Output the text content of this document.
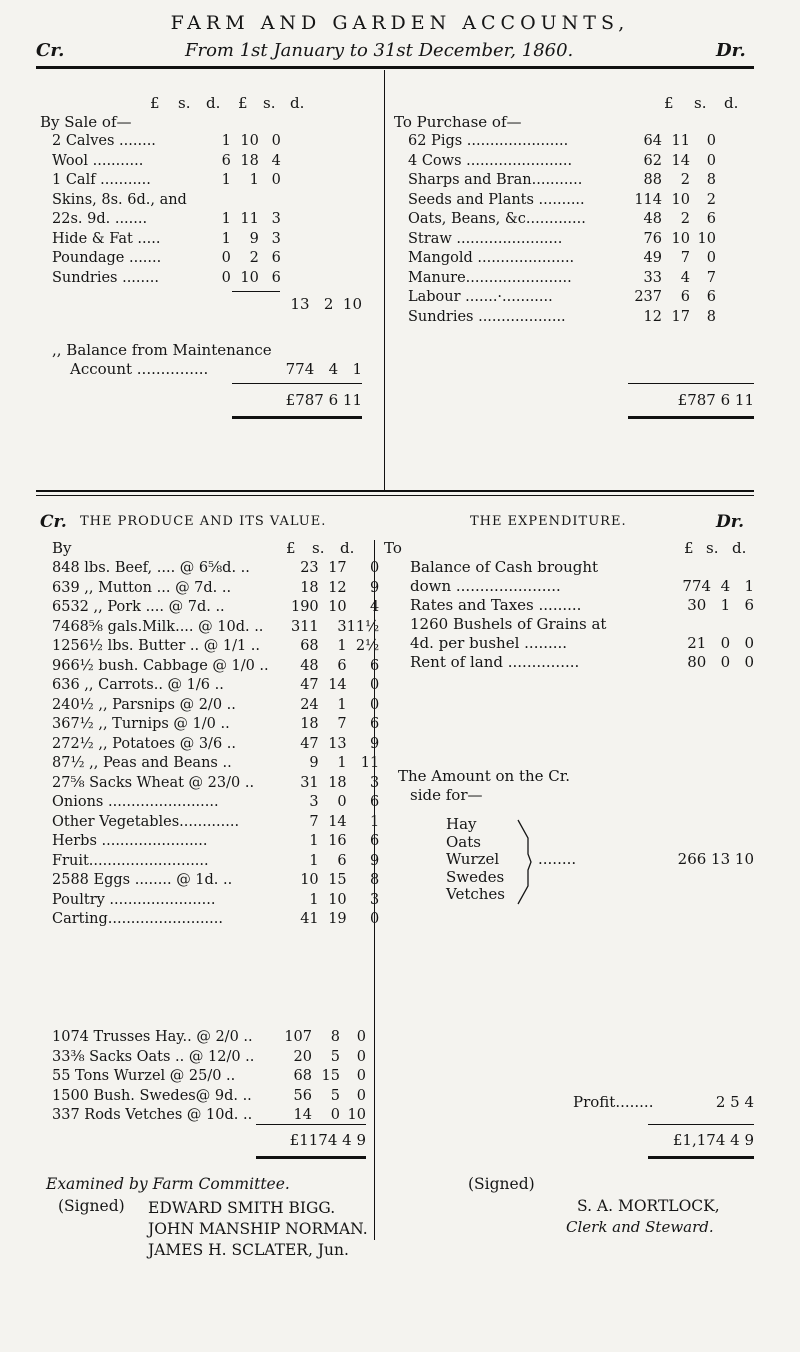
FARM AND GARDEN ACCOUNTS,
Cr.	From 1st January to 31st December, 1860.	Dr.
£ s. d. £ s. d.
By Sale of—
2 Calves ........	1	10	0
Wool ...........	6	18	4
1 Calf ...........	1	1	0
Skins, 8s. 6d., and			
22s. 9d. .......	1	11	3
Hide & Fat .....	1	9	3
Poundage .......	0	2	6
Sundries ........	0	10	6
13 2 10
,, Balance from Maintenance
Account ...............	774 4 1
£787 6 11
£ s. d.
To Purchase of—
62 Pigs ......................	64	11	0
4 Cows .......................	62	14	0
Sharps and Bran...........	88	2	8
Seeds and Plants ..........	114	10	2
Oats, Beans, &c.............	48	2	6
Straw .......................	76	10	10
Mangold .....................	49	7	0
Manure.......................	33	4	7
Labour .......·...........	237	6	6
Sundries ...................	12	17	8
£787 6 11
Cr. THE PRODUCE AND ITS VALUE.	THE EXPENDITURE.	Dr.
By	£ s. d.
848 lbs. Beef, .... @ 6⅝d. ..	23	17	0
639 ,, Mutton ... @ 7d. ..	18	12	9
6532 ,, Pork .... @ 7d. ..	190	10	4
7468⅝ gals.Milk.... @ 10d. ..	311	3	11½
1256½ lbs. Butter .. @ 1/1 ..	68	1	2½
966½ bush. Cabbage @ 1/0 ..	48	6	6
636 ,, Carrots.. @ 1/6 ..	47	14	0
240½ ,, Parsnips @ 2/0 ..	24	1	0
367½ ,, Turnips @ 1/0 ..	18	7	6
272½ ,, Potatoes @ 3/6 ..	47	13	9
87½ ,, Peas and Beans ..	9	1	11
27⅝ Sacks Wheat @ 23/0 ..	31	18	3
Onions ........................	3	0	6
Other Vegetables.............	7	14	1
Herbs .......................	1	16	6
Fruit..........................	1	6	9
2588 Eggs ........ @ 1d. ..	10	15	8
Poultry .......................	1	10	3
Carting.........................	41	19	0
1074 Trusses Hay.. @ 2/0 ..	107	8	0
33⅜ Sacks Oats .. @ 12/0 ..	20	5	0
55 Tons Wurzel @ 25/0 ..	68	15	0
1500 Bush. Swedes@ 9d. ..	56	5	0
337 Rods Vetches @ 10d. ..	14	0	10
£1174 4 9
To	£ s. d.
Balance of Cash brought
down ......................	774 4 1
Rates and Taxes .........	30 1 6
1260 Bushels of Grains at
4d. per bushel .........	21 0 0
Rent of land ...............	80 0 0
The Amount on the Cr.
side for—
Hay
Oats
Wurzel
Swedes
Vetches
........	266 13 10
Profit........	2 5 4
£1,174 4 9
Examined by Farm Committee.
(Signed) EDWARD SMITH BIGG.
JOHN MANSHIP NORMAN.
JAMES H. SCLATER, Jun.
(Signed)
S. A. MORTLOCK,
Clerk and Steward.
